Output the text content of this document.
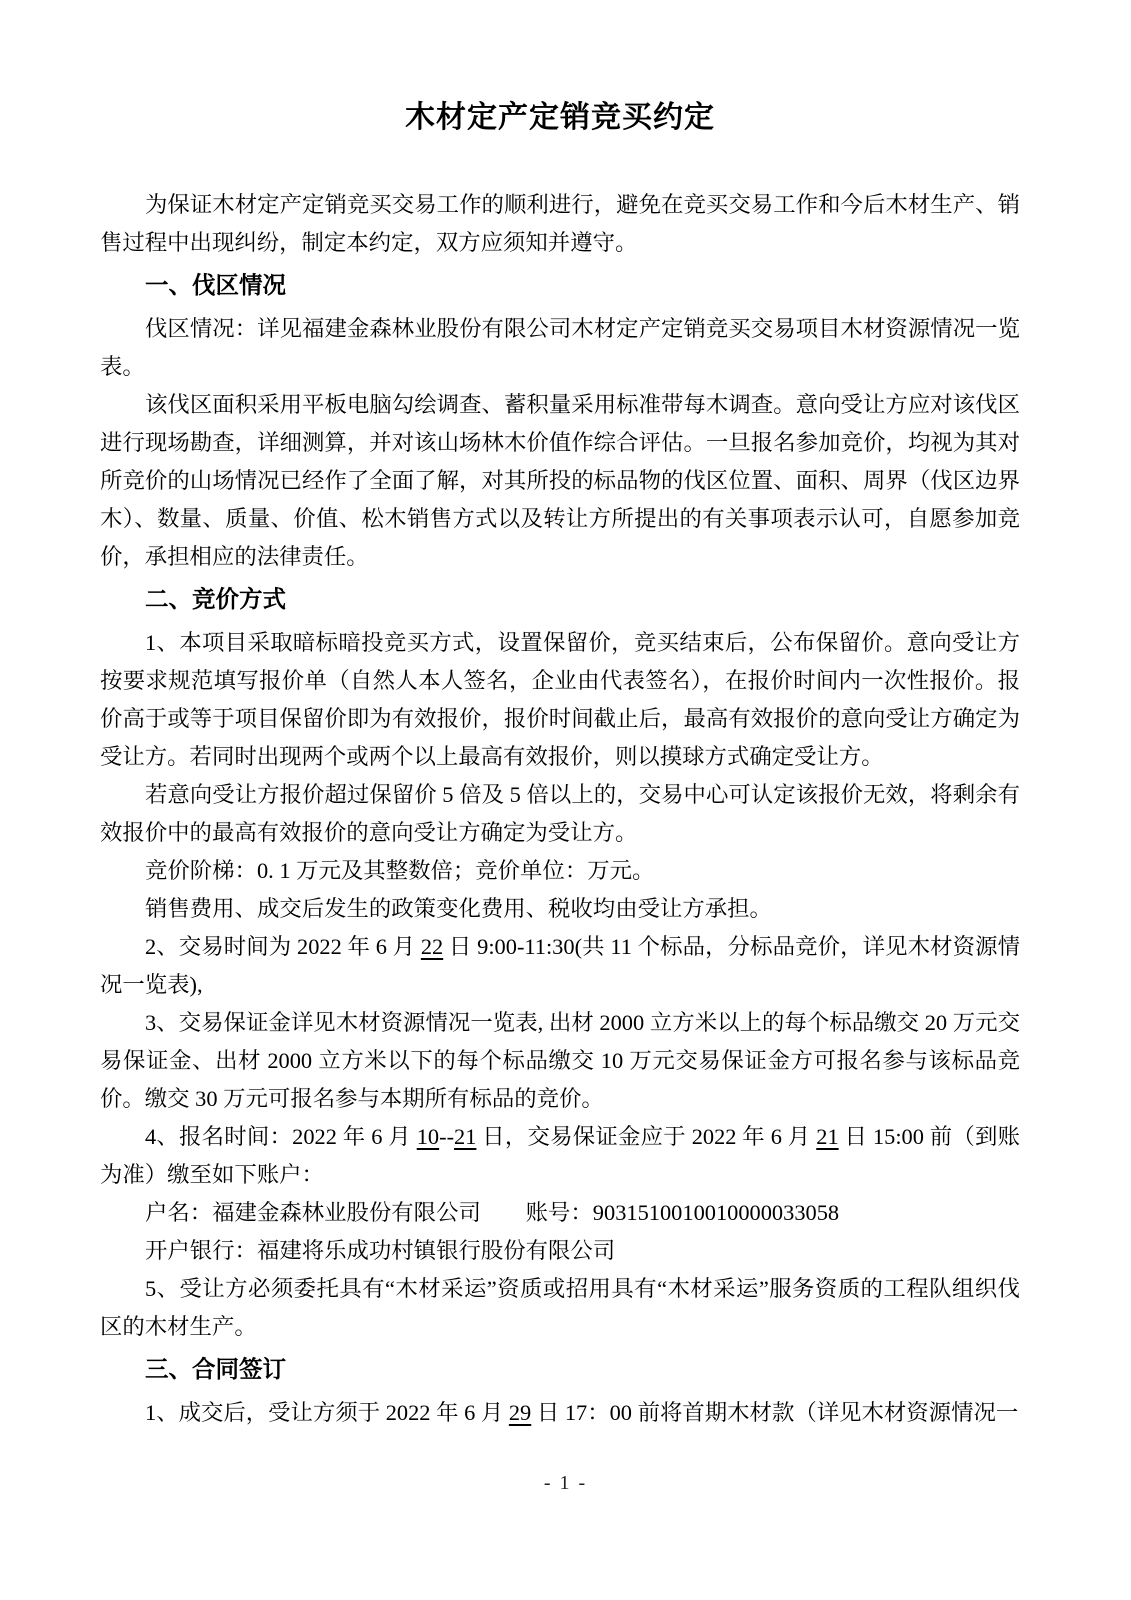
木材定产定销竞买约定

为保证木材定产定销竞买交易工作的顺利进行，避免在竞买交易工作和今后木材生产、销售过程中出现纠纷，制定本约定，双方应须知并遵守。

一、伐区情况

伐区情况：详见福建金森林业股份有限公司木材定产定销竞买交易项目木材资源情况一览表。

该伐区面积采用平板电脑勾绘调查、蓄积量采用标准带每木调查。意向受让方应对该伐区进行现场勘查，详细测算，并对该山场林木价值作综合评估。一旦报名参加竞价，均视为其对所竞价的山场情况已经作了全面了解，对其所投的标品物的伐区位置、面积、周界（伐区边界木）、数量、质量、价值、松木销售方式以及转让方所提出的有关事项表示认可，自愿参加竞价，承担相应的法律责任。

二、竞价方式

1、本项目采取暗标暗投竞买方式，设置保留价，竞买结束后，公布保留价。意向受让方按要求规范填写报价单（自然人本人签名，企业由代表签名），在报价时间内一次性报价。报价高于或等于项目保留价即为有效报价，报价时间截止后，最高有效报价的意向受让方确定为受让方。若同时出现两个或两个以上最高有效报价，则以摸球方式确定受让方。

若意向受让方报价超过保留价 5 倍及 5 倍以上的，交易中心可认定该报价无效，将剩余有效报价中的最高有效报价的意向受让方确定为受让方。

竞价阶梯：0. 1 万元及其整数倍；竞价单位：万元。

销售费用、成交后发生的政策变化费用、税收均由受让方承担。

2、交易时间为 2022 年 6 月 22 日 9:00-11:30(共 11 个标品，分标品竞价，详见木材资源情况一览表),

3、交易保证金详见木材资源情况一览表, 出材 2000 立方米以上的每个标品缴交 20 万元交易保证金、出材 2000 立方米以下的每个标品缴交 10 万元交易保证金方可报名参与该标品竞价。缴交 30 万元可报名参与本期所有标品的竞价。

4、报名时间：2022 年 6 月 10--21 日，交易保证金应于 2022 年 6 月 21 日 15:00 前（到账为准）缴至如下账户：

户名：福建金森林业股份有限公司　　账号：9031510010010000033058

开户银行：福建将乐成功村镇银行股份有限公司

5、受让方必须委托具有“木材采运”资质或招用具有“木材采运”服务资质的工程队组织伐区的木材生产。

三、合同签订

1、成交后，受让方须于 2022 年 6 月 29 日 17：00 前将首期木材款（详见木材资源情况一

- 1 -
